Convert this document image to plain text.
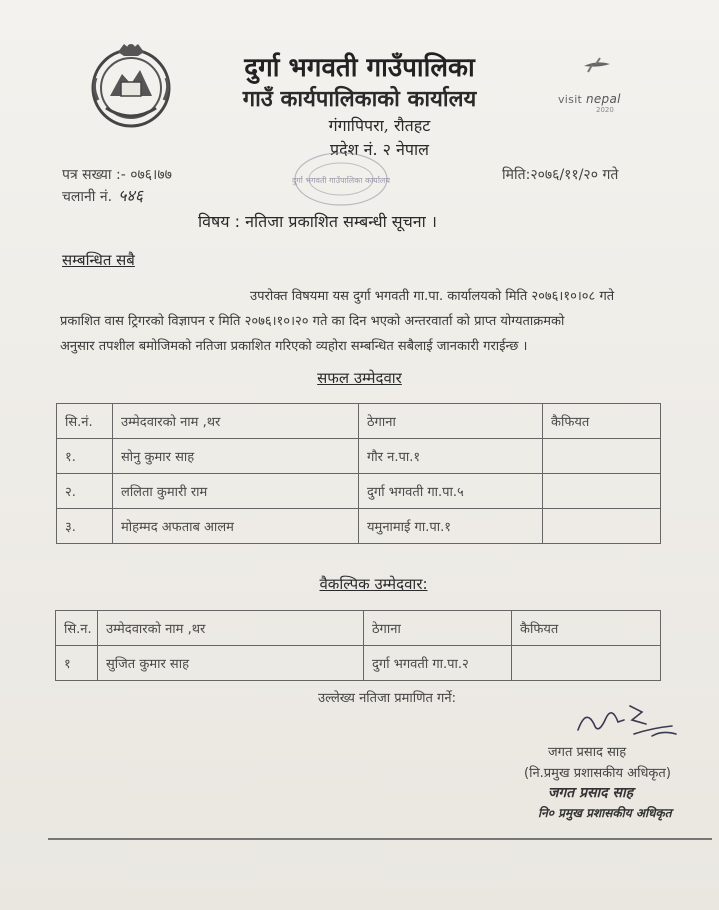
दुर्गा भगवती गाउँपालिका
गाउँ कार्यपालिकाको कार्यालय
गंगापिपरा, रौतहट
प्रदेश नं. २ नेपाल
visit nepal
2020
दुर्गा भगवती गाउँपालिका कार्यालय
पत्र सख्या :- ०७६।७७
चलानी नं. ५४६
मिति:२०७६/११/२० गते
विषय : नतिजा प्रकाशित सम्बन्धी सूचना ।
सम्बन्धित सबै
उपरोक्त विषयमा यस दुर्गा भगवती गा.पा. कार्यालयको मिति २०७६।१०।०८ गते
प्रकाशित वास ट्रिगरको विज्ञापन र मिति २०७६।१०।२० गते का दिन भएको अन्तरवार्ता को प्राप्त योग्यताक्रमको
अनुसार तपशील बमोजिमको नतिजा प्रकाशित गरिएको व्यहोरा सम्बन्धित सबैलाई जानकारी गराईन्छ ।
सफल उम्मेदवार
सि.नं.	उम्मेदवारको नाम ,थर	ठेगाना	कैफियत
१.	सोनु कुमार साह	गौर न.पा.१	
२.	ललिता कुमारी राम	दुर्गा भगवती गा.पा.५	
३.	मोहम्मद अफताब आलम	यमुनामाई गा.पा.१	
वैकल्पिक उम्मेदवार:
सि.न.	उम्मेदवारको नाम ,थर	ठेगाना	कैफियत
१	सुजित कुमार साह	दुर्गा भगवती गा.पा.२	
उल्लेख्य नतिजा प्रमाणित गर्ने:
जगत प्रसाद साह
(नि.प्रमुख प्रशासकीय अधिकृत)
जगत प्रसाद साह
नि० प्रमुख प्रशासकीय अधिकृत
